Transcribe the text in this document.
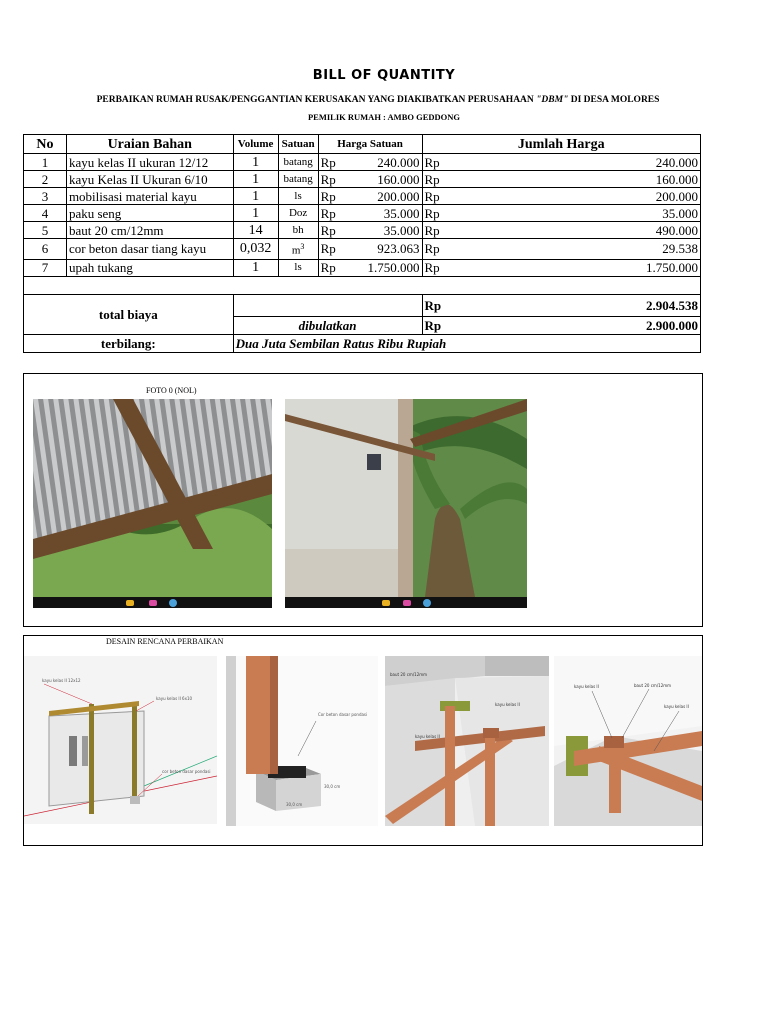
BILL OF QUANTITY
PERBAIKAN RUMAH RUSAK/PENGGANTIAN KERUSAKAN YANG DIAKIBATKAN PERUSAHAAN "DBM" DI DESA MOLORES
PEMILIK RUMAH : AMBO GEDDONG
No	Uraian Bahan	Volume	Satuan	Harga Satuan		Jumlah Harga	
1	kayu kelas II ukuran 12/12	1	batang	Rp	240.000	Rp	240.000
2	kayu Kelas II Ukuran 6/10	1	batang	Rp	160.000	Rp	160.000
3	mobilisasi material kayu	1	ls	Rp	200.000	Rp	200.000
4	paku seng	1	Doz	Rp	35.000	Rp	35.000
5	baut 20 cm/12mm	14	bh	Rp	35.000	Rp	490.000
6	cor beton dasar tiang kayu	0,032	$m^3$	Rp	923.063	Rp	29.538
7	upah tukang	1	ls	Rp	1.750.000	Rp	1.750.000

total biaya						Rp	2.904.538
		dibulatkan				Rp	2.900.000
terbilang:		Dua Juta Sembilan Ratus Ribu Rupiah					
FOTO 0 (NOL)
DESAIN RENCANA PERBAIKAN
kayu kelas II 12x12
kayu kelas II 6x10
cor beton dasar pondasi
Cor beton dasar pondasi
30,0 cm
30,0 cm
baut 20 cm/12mm
kayu kelas II
kayu kelas II
kayu kelas II	baut 20 cm/12mm
kayu kelas II
